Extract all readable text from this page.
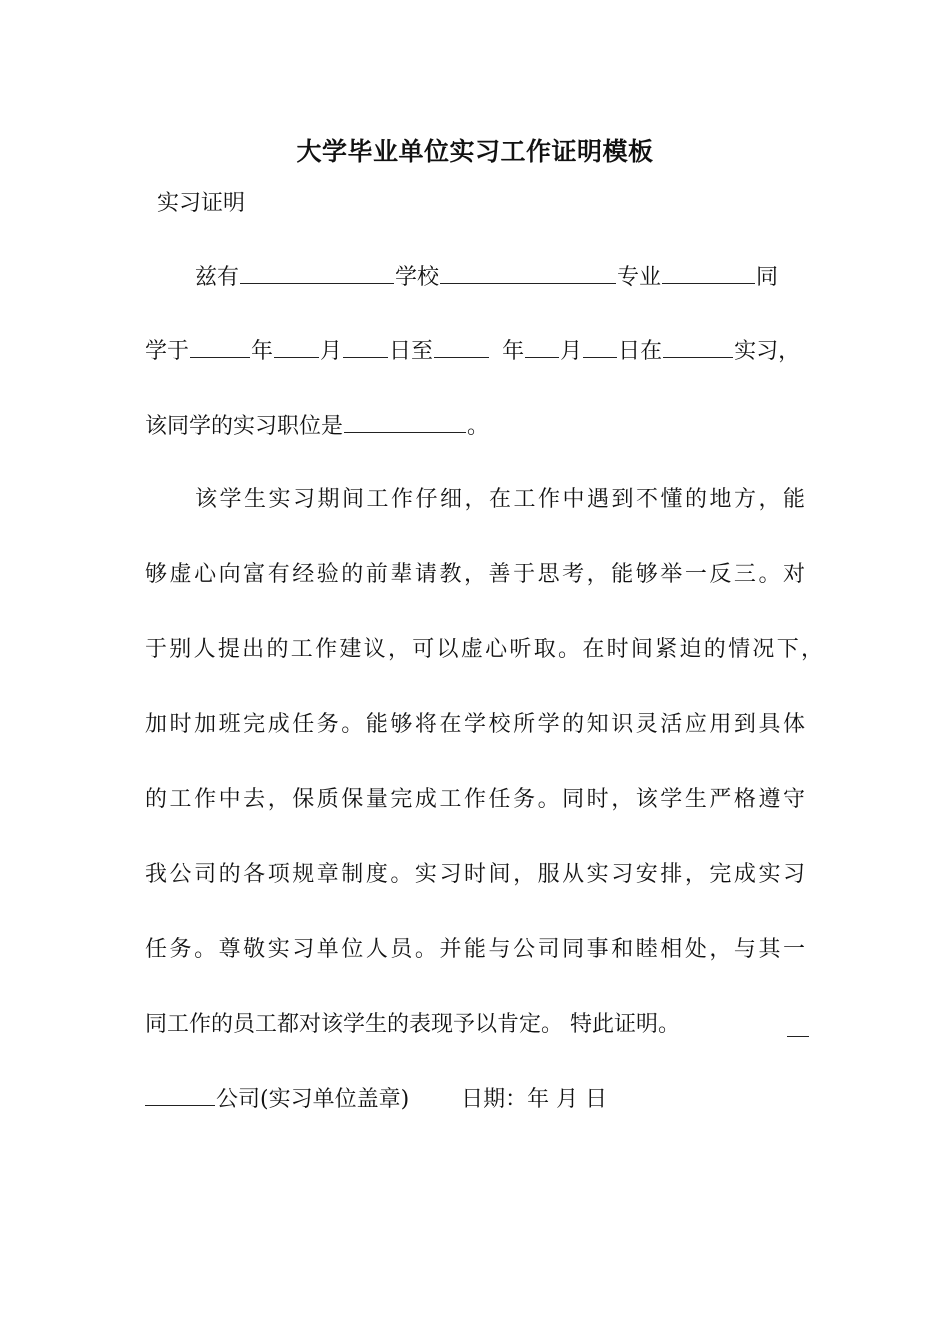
大学毕业单位实习工作证明模板
实习证明
兹有	学校	专业	同
学于	年 月 日至	年 月 日在	实习，
该同学的实习职位是	。
该学生实习期间工作仔细，在工作中遇到不懂的地方，能
够虚心向富有经验的前辈请教，善于思考，能够举一反三。对
于别人提出的工作建议，可以虚心听取。在时间紧迫的情况下，
加时加班完成任务。能够将在学校所学的知识灵活应用到具体
的工作中去，保质保量完成工作任务。同时，该学生严格遵守
我公司的各项规章制度。实习时间，服从实习安排，完成实习
任务。尊敬实习单位人员。并能与公司同事和睦相处，与其一
同工作的员工都对该学生的表现予以肯定。 特此证明。
公司(实习单位盖章) 日期：年 月 日
